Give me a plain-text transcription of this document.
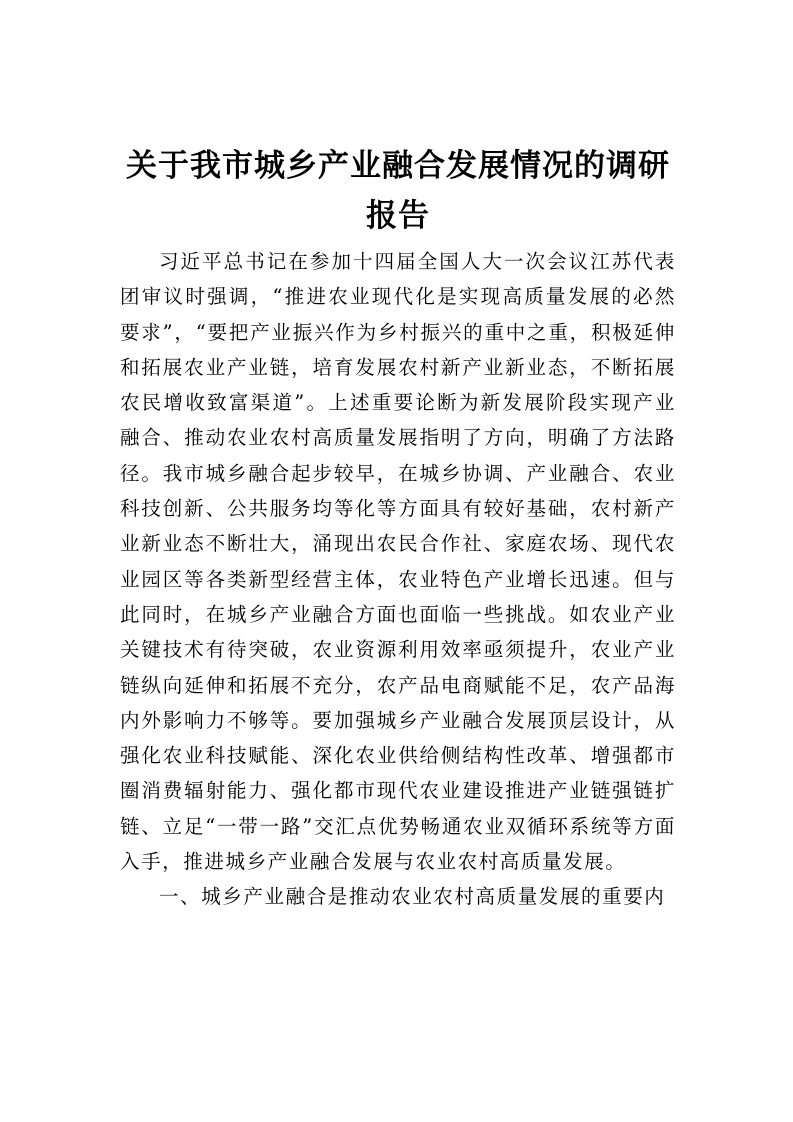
关于我市城乡产业融合发展情况的调研报告

习近平总书记在参加十四届全国人大一次会议江苏代表团审议时强调，“推进农业现代化是实现高质量发展的必然要求”，“要把产业振兴作为乡村振兴的重中之重，积极延伸和拓展农业产业链，培育发展农村新产业新业态，不断拓展农民增收致富渠道”。上述重要论断为新发展阶段实现产业融合、推动农业农村高质量发展指明了方向，明确了方法路径。我市城乡融合起步较早，在城乡协调、产业融合、农业科技创新、公共服务均等化等方面具有较好基础，农村新产业新业态不断壮大，涌现出农民合作社、家庭农场、现代农业园区等各类新型经营主体，农业特色产业增长迅速。但与此同时，在城乡产业融合方面也面临一些挑战。如农业产业关键技术有待突破，农业资源利用效率亟须提升，农业产业链纵向延伸和拓展不充分，农产品电商赋能不足，农产品海内外影响力不够等。要加强城乡产业融合发展顶层设计，从强化农业科技赋能、深化农业供给侧结构性改革、增强都市圈消费辐射能力、强化都市现代农业建设推进产业链强链扩链、立足“一带一路”交汇点优势畅通农业双循环系统等方面入手，推进城乡产业融合发展与农业农村高质量发展。

一、城乡产业融合是推动农业农村高质量发展的重要内
